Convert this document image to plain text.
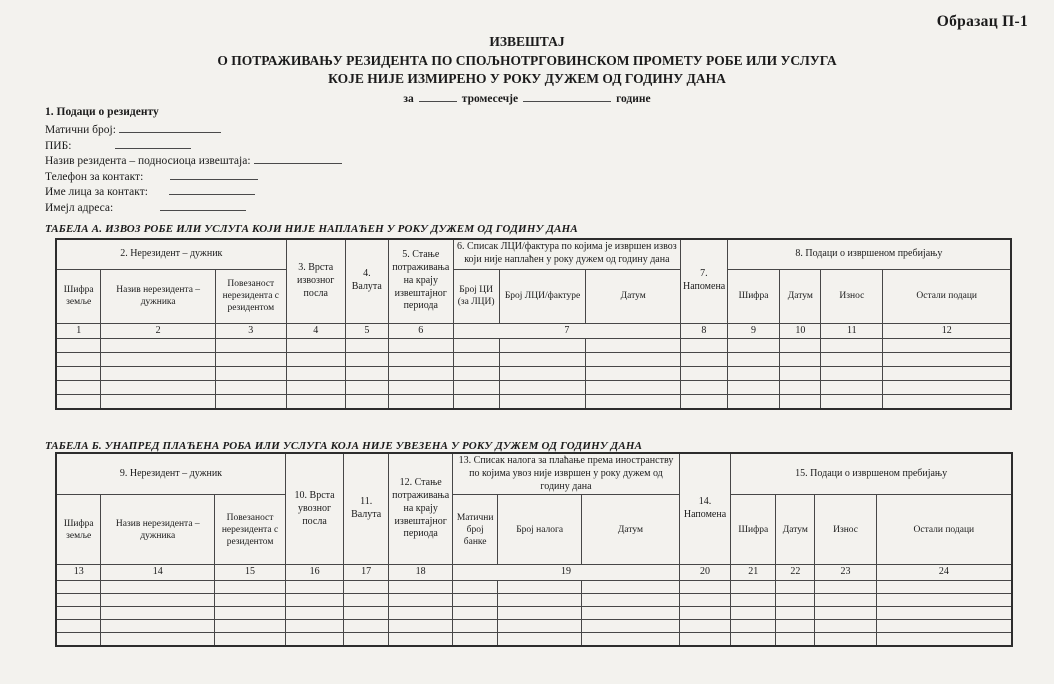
Образац П-1
ИЗВЕШТАЈ
О ПОТРАЖИВАЊУ РЕЗИДЕНТА ПО СПОЉНОТРГОВИНСКОМ ПРОМЕТУ РОБЕ ИЛИ УСЛУГА
КОЈЕ НИЈЕ ИЗМИРЕНО У РОКУ ДУЖЕМ ОД ГОДИНУ ДАНА
за	тромесечје	године
1. Подаци о резиденту
Матични број:
ПИБ:
Назив резидента – подносиоца извештаја:
Телефон за контакт:
Име лица за контакт:
Имејл адреса:
ТАБЕЛА А. ИЗВОЗ РОБЕ ИЛИ УСЛУГА КОЈИ НИЈЕ НАПЛАЋЕН У РОКУ ДУЖЕМ ОД ГОДИНУ ДАНА
2. Нерезидент – дужник			3. Врста извозног посла	4. Валута	5. Стање потраживања на крају извештајног периода	6. Списак ЛЦИ/фактура по којима је извршен извоз који није наплаћен у року дужем од годину дана			7. Напомена	8. Подаци о извршеном пребијању			
Шифра земље	Назив нерезидента – дужника	Повезаност нерезидента с резидентом				Број ЦИ (за ЛЦИ)	Број ЛЦИ/фактуре	Датум		Шифра	Датум	Износ	Остали подаци
1	2	3	4	5	6	7			8	9	10	11	12

ТАБЕЛА Б. УНАПРЕД ПЛАЋЕНА РОБА ИЛИ УСЛУГА КОЈА НИЈЕ УВЕЗЕНА У РОКУ ДУЖЕМ ОД ГОДИНУ ДАНА
9. Нерезидент – дужник			10. Врста увозног посла	11. Валута	12. Стање потраживања на крају извештајног периода	13. Списак налога за плаћање према иностранству по којима увоз није извршен у року дужем од годину дана			14. Напомена	15. Подаци о извршеном пребијању			
Шифра земље	Назив нерезидента – дужника	Повезаност нерезидента с резидентом				Матични број банке	Број налога	Датум		Шифра	Датум	Износ	Остали подаци
13	14	15	16	17	18	19			20	21	22	23	24
